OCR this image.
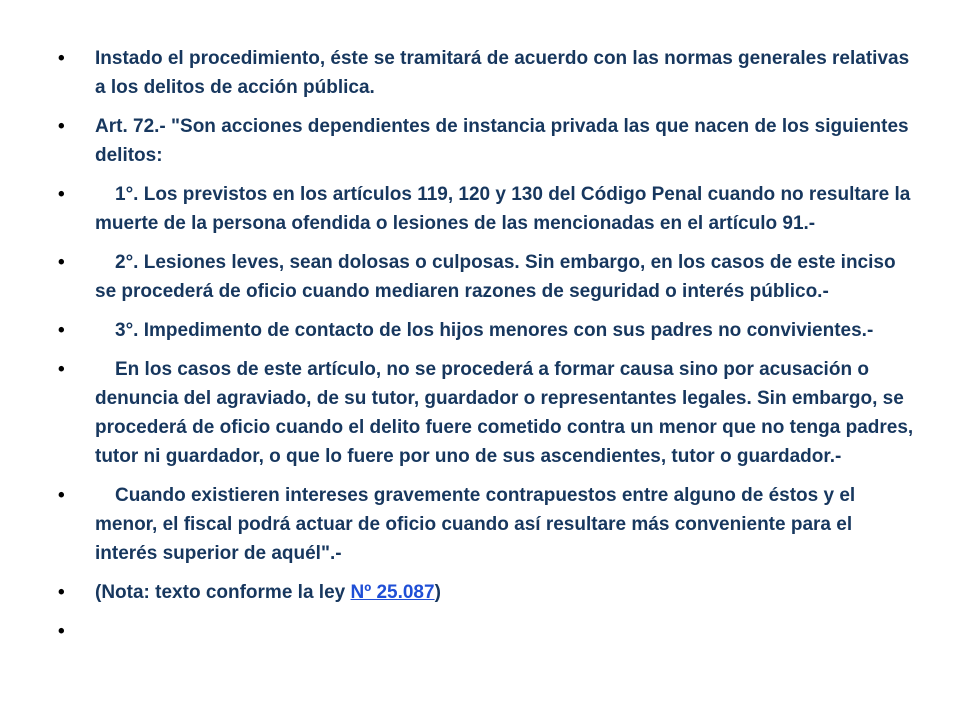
• Instado el procedimiento, éste se tramitará de acuerdo con las normas generales relativas a los delitos de acción pública.
• Art. 72.- "Son acciones dependientes de instancia privada las que nacen de los siguientes delitos:
•	1°. Los previstos en los artículos 119, 120 y 130 del Código Penal cuando no resultare la muerte de la persona ofendida o lesiones de las mencionadas en el artículo 91.-
•	2°. Lesiones leves, sean dolosas o culposas. Sin embargo, en los casos de este inciso se procederá de oficio cuando mediaren razones de seguridad o interés público.-
•	3°. Impedimento de contacto de los hijos menores con sus padres no convivientes.-
•	En los casos de este artículo, no se procederá a formar causa sino por acusación o denuncia del agraviado, de su tutor, guardador o representantes legales. Sin embargo, se procederá de oficio cuando el delito fuere cometido contra un menor que no tenga padres, tutor ni guardador, o que lo fuere por uno de sus ascendientes, tutor o guardador.-
•	Cuando existieren intereses gravemente contrapuestos entre alguno de éstos y el menor, el fiscal podrá actuar de oficio cuando así resultare más conveniente para el interés superior de aquél".-
• (Nota: texto conforme la ley Nº 25.087)
•
